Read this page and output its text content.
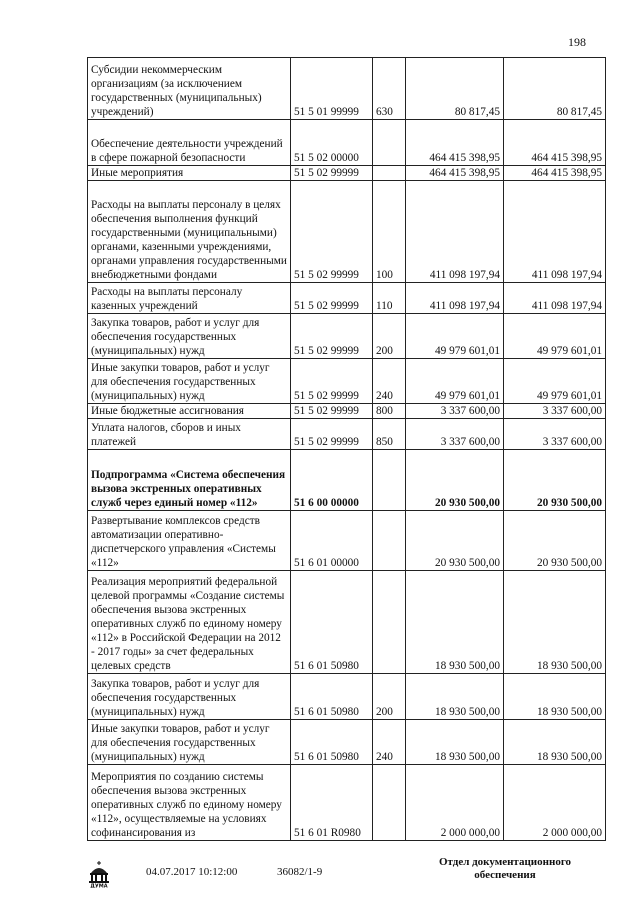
198
Субсидии некоммерческим организациям (за исключением государственных (муниципальных) учреждений)	51 5 01 99999	630	80 817,45	80 817,45
Обеспечение деятельности учреждений в сфере пожарной безопасности	51 5 02 00000		464 415 398,95	464 415 398,95
Иные мероприятия	51 5 02 99999		464 415 398,95	464 415 398,95
Расходы на выплаты персоналу в целях обеспечения выполнения функций государственными (муниципальными) органами, казенными учреждениями, органами управления государственными внебюджетными фондами	51 5 02 99999	100	411 098 197,94	411 098 197,94
Расходы на выплаты персоналу казенных учреждений	51 5 02 99999	110	411 098 197,94	411 098 197,94
Закупка товаров, работ и услуг для обеспечения государственных (муниципальных) нужд	51 5 02 99999	200	49 979 601,01	49 979 601,01
Иные закупки товаров, работ и услуг для обеспечения государственных (муниципальных) нужд	51 5 02 99999	240	49 979 601,01	49 979 601,01
Иные бюджетные ассигнования	51 5 02 99999	800	3 337 600,00	3 337 600,00
Уплата налогов, сборов и иных платежей	51 5 02 99999	850	3 337 600,00	3 337 600,00
Подпрограмма «Система обеспечения вызова экстренных оперативных служб через единый номер «112»	51 6 00 00000		20 930 500,00	20 930 500,00
Развертывание комплексов средств автоматизации оперативно-диспетчерского управления «Системы «112»	51 6 01 00000		20 930 500,00	20 930 500,00
Реализация мероприятий федеральной целевой программы «Создание системы обеспечения вызова экстренных оперативных служб по единому номеру «112» в Российской Федерации на 2012 - 2017 годы» за счет федеральных целевых средств	51 6 01 50980		18 930 500,00	18 930 500,00
Закупка товаров, работ и услуг для обеспечения государственных (муниципальных) нужд	51 6 01 50980	200	18 930 500,00	18 930 500,00
Иные закупки товаров, работ и услуг для обеспечения государственных (муниципальных) нужд	51 6 01 50980	240	18 930 500,00	18 930 500,00
Мероприятия по созданию системы обеспечения вызова экстренных оперативных служб по единому номеру «112», осуществляемые на условиях софинансирования из	51 6 01 R0980		2 000 000,00	2 000 000,00
ДУМА
04.07.2017 10:12:00	36082/1-9
Отдел документационного
обеспечения
